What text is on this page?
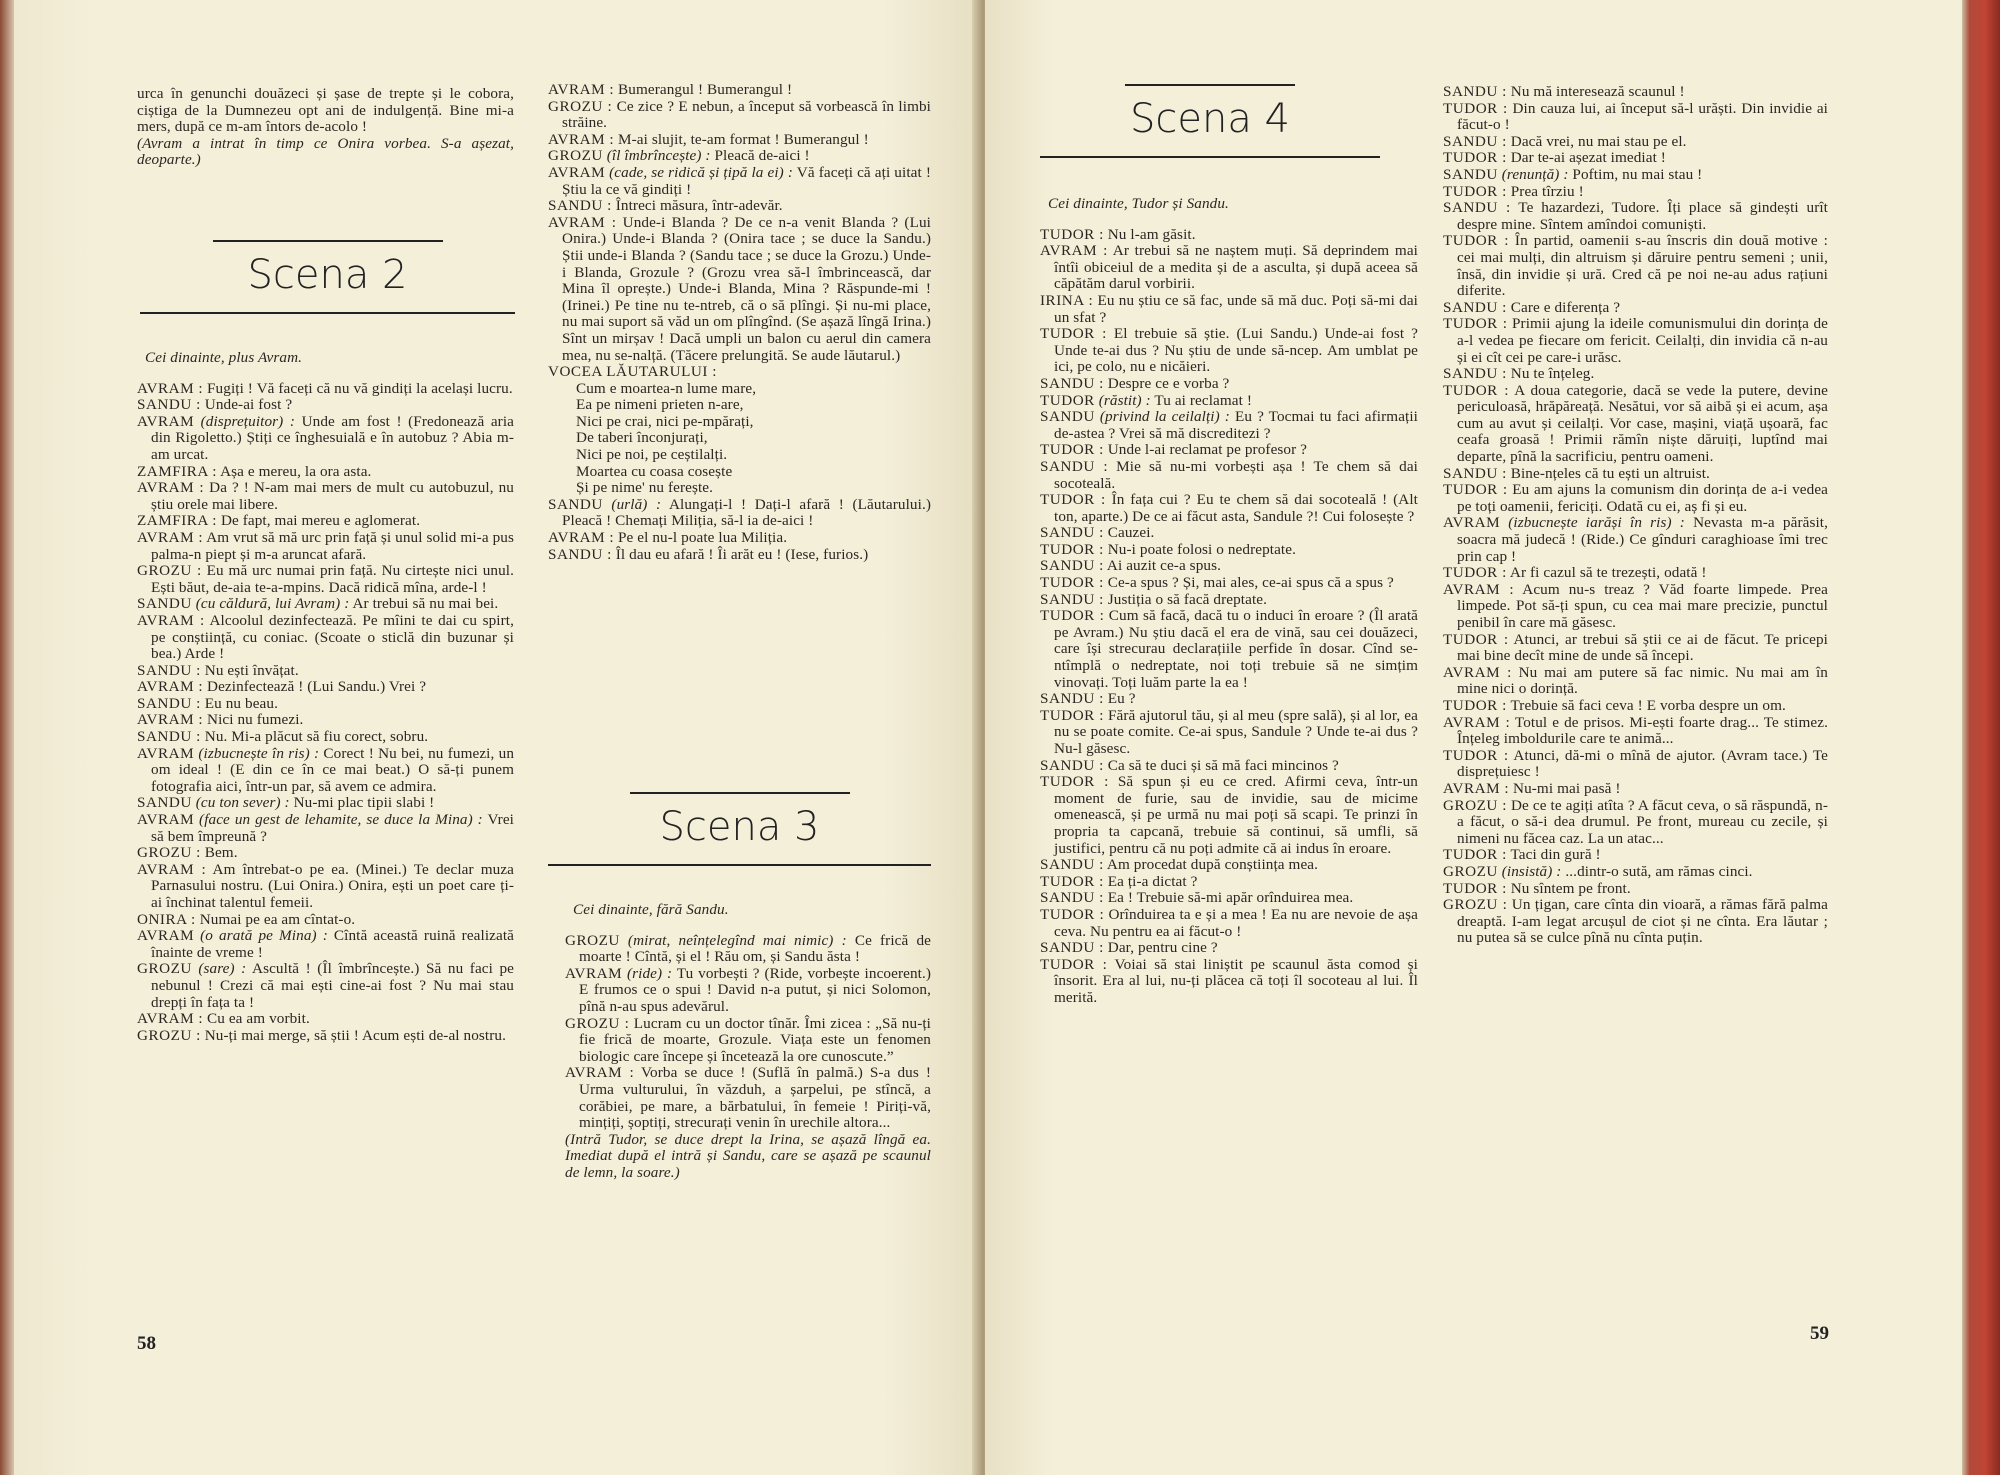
urca în genunchi douăzeci și șase de trepte și le cobora, ciștiga de la Dumnezeu opt ani de indulgență. Bine mi-a mers, după ce m-am întors de-acolo !

(Avram a intrat în timp ce Onira vorbea. S-a așezat, deoparte.)

Scena 2

Cei dinainte, plus Avram.

AVRAM : Fugiți ! Vă faceți că nu vă gindiți la același lucru.

SANDU : Unde-ai fost ?

AVRAM (disprețuitor) : Unde am fost ! (Fredonează aria din Rigoletto.) Știți ce înghesuială e în autobuz ? Abia m-am urcat.

ZAMFIRA : Așa e mereu, la ora asta.

AVRAM : Da ? ! N-am mai mers de mult cu autobuzul, nu știu orele mai libere.

ZAMFIRA : De fapt, mai mereu e aglomerat.

AVRAM : Am vrut să mă urc prin față și unul solid mi-a pus palma-n piept și m-a aruncat afară.

GROZU : Eu mă urc numai prin față. Nu cirtește nici unul. Ești băut, de-aia te-a-mpins. Dacă ridică mîna, ardе-l !

SANDU (cu căldură, lui Avram) : Ar trebui să nu mai bei.

AVRAM : Alcoolul dezinfectează. Pe mîini te dai cu spirt, pe conștiință, cu coniac. (Scoate o sticlă din buzunar și bea.) Ardе !

SANDU : Nu ești învățat.

AVRAM : Dezinfectează ! (Lui Sandu.) Vrei ?

SANDU : Eu nu beau.

AVRAM : Nici nu fumezi.

SANDU : Nu. Mi-a plăcut să fiu corect, sobru.

AVRAM (izbucnește în ris) : Corect ! Nu bei, nu fumezi, un om ideal ! (E din ce în ce mai beat.) O să-ți punem fotografia aici, într-un par, să avem ce admira.

SANDU (cu ton sever) : Nu-mi plac tipii slabi !

AVRAM (face un gest de lehamite, se duce la Mina) : Vrei să bem împreună ?

GROZU : Bem.

AVRAM : Am întrebat-o pe ea. (Minei.) Te declar muza Parnasului nostru. (Lui Onira.) Onira, ești un poet care ți-ai închinat talentul femeii.

ONIRA : Numai pe ea am cîntat-o.

AVRAM (o arată pe Mina) : Cîntă această ruină realizată înainte de vreme !

GROZU (sare) : Ascultă ! (Îl îmbrîncește.) Să nu faci pe nebunul ! Crezi că mai ești cine-ai fost ? Nu mai stau drepți în fața ta !

AVRAM : Cu ea am vorbit.

GROZU : Nu-ți mai merge, să știi ! Acum ești de-al nostru.

AVRAM : Bumerangul ! Bumerangul !

GROZU : Ce zice ? E nebun, a început să vorbească în limbi străine.

AVRAM : M-ai slujit, te-am format ! Bumerangul !

GROZU (îl îmbrîncește) : Pleacă de-aici !

AVRAM (cade, se ridică și țipă la ei) : Vă faceți că ați uitat ! Știu la ce vă gindiți !

SANDU : Întrеci măsura, într-adevăr.

AVRAM : Unde-i Blanda ? De ce n-a venit Blanda ? (Lui Onira.) Unde-i Blanda ? (Onira tace ; se duce la Sandu.) Știi unde-i Blanda ? (Sandu tace ; se duce la Grozu.) Unde-i Blanda, Grozule ? (Grozu vrea să-l îmbrincească, dar Mina îl oprește.) Unde-i Blanda, Mina ? Răspunde-mi ! (Irinei.) Pe tine nu te-ntreb, că o să plîngi. Și nu-mi place, nu mai suport să văd un om plîngînd. (Se așază lîngă Irina.) Sînt un mirșav ! Dacă umpli un balon cu aerul din camera mea, nu se-nalță. (Tăcere prelungită. Se aude lăutarul.)

VOCEA LĂUTARULUI :

Cum e moartea-n lume mare,

Ea pe nimeni prieten n-are,

Nici pe crai, nici pe-mpărați,

De taberi înconjurați,

Nici pe noi, pe ceștilalți.

Moartea cu coasa cosește

Și pe nime' nu ferește.

SANDU (urlă) : Alungați-l ! Dați-l afară ! (Lăutarului.) Pleacă ! Chemați Miliția, să-l ia de-aici !

AVRAM : Pe el nu-l poate lua Miliția.

SANDU : Îl dau eu afară ! Îi arăt eu ! (Iese, furios.)

Scena 3

Cei dinainte, fără Sandu.

GROZU (mirat, neînțelegînd mai nimic) : Ce frică de moarte ! Cîntă, și el ! Rău om, și Sandu ăsta !

AVRAM (ride) : Tu vorbești ? (Ride, vorbește incoerent.) E frumos ce o spui ! David n-a putut, și nici Solomon, pînă n-au spus adevărul.

GROZU : Lucram cu un doctor tînăr. Îmi zicea : „Să nu-ți fie frică de moarte, Grozule. Viața este un fenomen biologic care începe și încetează la ore cunoscute.”

AVRAM : Vorba se duce ! (Suflă în palmă.) S-a dus ! Urma vulturului, în văzduh, a șarpelui, pe stîncă, a corăbiei, pe mare, a bărbatului, în femeie ! Piriți-vă, mințiți, șoptiți, strecurați venin în urechile altora...

(Intră Tudor, se duce drept la Irina, se așază lîngă ea. Imediat după el intră și Sandu, care se așază pe scaunul de lemn, la soare.)

58
Scena 4

Cei dinainte, Tudor și Sandu.

TUDOR : Nu l-am găsit.

AVRAM : Ar trebui să ne naștem muți. Să deprindem mai întîi obiceiul de a medita și de a asculta, și după aceea să căpătăm darul vorbirii.

IRINA : Eu nu știu ce să fac, unde să mă duc. Poți să-mi dai un sfat ?

TUDOR : El trebuie să știe. (Lui Sandu.) Unde-ai fost ? Unde te-ai dus ? Nu știu de unde să-ncep. Am umblat pe ici, pe colo, nu e nicăieri.

SANDU : Despre ce e vorba ?

TUDOR (răstit) : Tu ai reclamat !

SANDU (privind la ceilalți) : Eu ? Tocmai tu faci afirmații de-astea ? Vrei să mă discreditezi ?

TUDOR : Unde l-ai reclamat pe profesor ?

SANDU : Mie să nu-mi vorbești așa ! Te chem să dai socoteală.

TUDOR : În fața cui ? Eu te chem să dai socoteală ! (Alt ton, aparte.) De ce ai făcut asta, Sandule ?! Cui folosește ?

SANDU : Cauzei.

TUDOR : Nu-i poate folosi o nedreptate.

SANDU : Ai auzit ce-a spus.

TUDOR : Ce-a spus ? Și, mai ales, ce-ai spus că a spus ?

SANDU : Justiția o să facă dreptate.

TUDOR : Cum să facă, dacă tu o induci în eroare ? (Îl arată pe Avram.) Nu știu dacă el era de vină, sau cei douăzeci, care își strecurau declarațiile perfide în dosar. Cînd se-ntîmplă o nedreptate, noi toți trebuie să ne simțim vinovați. Toți luăm parte la ea !

SANDU : Eu ?

TUDOR : Fără ajutorul tău, și al meu (spre sală), și al lor, ea nu se poate comite. Ce-ai spus, Sandule ? Unde te-ai dus ? Nu-l găsesc.

SANDU : Ca să te duci și să mă faci mincinos ?

TUDOR : Să spun și eu ce cred. Afirmi ceva, într-un moment de furie, sau de invidie, sau de micime omenească, și pe urmă nu mai poți să scapi. Te prinzi în propria ta capcană, trebuie să continui, să umfli, să justifici, pentru că nu poți admite că ai indus în eroare.

SANDU : Am procedat după conștiința mea.

TUDOR : Ea ți-a dictat ?

SANDU : Ea ! Trebuie să-mi apăr orînduirea mea.

TUDOR : Orînduirea ta e și a mea ! Ea nu are nevoie de așa ceva. Nu pentru ea ai făcut-o !

SANDU : Dar, pentru cine ?

TUDOR : Voiai să stai liniștit pe scaunul ăsta comod și însorit. Era al lui, nu-ți plăcea că toți îl socoteau al lui. Îl merită.

SANDU : Nu mă interesează scaunul !

TUDOR : Din cauza lui, ai început să-l urăști. Din invidie ai făcut-o !

SANDU : Dacă vrei, nu mai stau pe el.

TUDOR : Dar te-ai așezat imediat !

SANDU (renunță) : Poftim, nu mai stau !

TUDOR : Prea tîrziu !

SANDU : Te hazardezi, Tudore. Îți place să gindești urît despre mine. Sîntem amîndoi comuniști.

TUDOR : În partid, oamenii s-au înscris din două motive : cei mai mulți, din altruism și dăruire pentru semeni ; unii, însă, din invidie și ură. Cred că pe noi ne-au adus rațiuni diferite.

SANDU : Care e diferența ?

TUDOR : Primii ajung la ideile comunismului din dorința de a-l vedea pe fiecare om fericit. Ceilalți, din invidia că n-au și ei cît cei pe care-i urăsc.

SANDU : Nu te înțeleg.

TUDOR : A doua categorie, dacă se vede la putere, devine periculoasă, hrăpăreață. Nesătui, vor să aibă și ei acum, așa cum au avut și ceilalți. Vor case, mașini, viață ușoară, fac ceafa groasă ! Primii rămîn niște dăruiți, luptînd mai departe, pînă la sacrificiu, pentru oameni.

SANDU : Bine-nțeles că tu ești un altruist.

TUDOR : Eu am ajuns la comunism din dorința de a-i vedea pe toți oamenii, fericiți. Odată cu ei, aș fi și eu.

AVRAM (izbucnește iarăși în ris) : Nevasta m-a părăsit, soacra mă judecă ! (Ride.) Ce gînduri caraghioase îmi trec prin cap !

TUDOR : Ar fi cazul să te trezești, odată !

AVRAM : Acum nu-s treaz ? Văd foarte limpede. Prea limpede. Pot să-ți spun, cu cea mai mare precizie, punctul penibil în care mă găsesc.

TUDOR : Atunci, ar trebui să știi ce ai de făcut. Te pricepi mai bine decît mine de unde să începi.

AVRAM : Nu mai am putere să fac nimic. Nu mai am în mine nici o dorință.

TUDOR : Trebuie să faci ceva ! E vorba despre un om.

AVRAM : Totul e de prisos. Mi-ești foarte drag... Te stimez. Înțeleg imboldurile care te animă...

TUDOR : Atunci, dă-mi o mînă de ajutor. (Avram tace.) Te disprețuiesc !

AVRAM : Nu-mi mai pasă !

GROZU : De ce te agiți atîta ? A făcut ceva, o să răspundă, n-a făcut, o să-i dea drumul. Pe front, mureau cu zecile, și nimeni nu făcea caz. La un atac...

TUDOR : Taci din gură !

GROZU (insistă) : ...dintr-o sută, am rămas cinci.

TUDOR : Nu sîntem pe front.

GROZU : Un țigan, care cînta din vioară, a rămas fără palma dreaptă. I-am legat arcușul de ciot și ne cînta. Era lăutar ; nu putea să se culce pînă nu cînta puțin.

59
